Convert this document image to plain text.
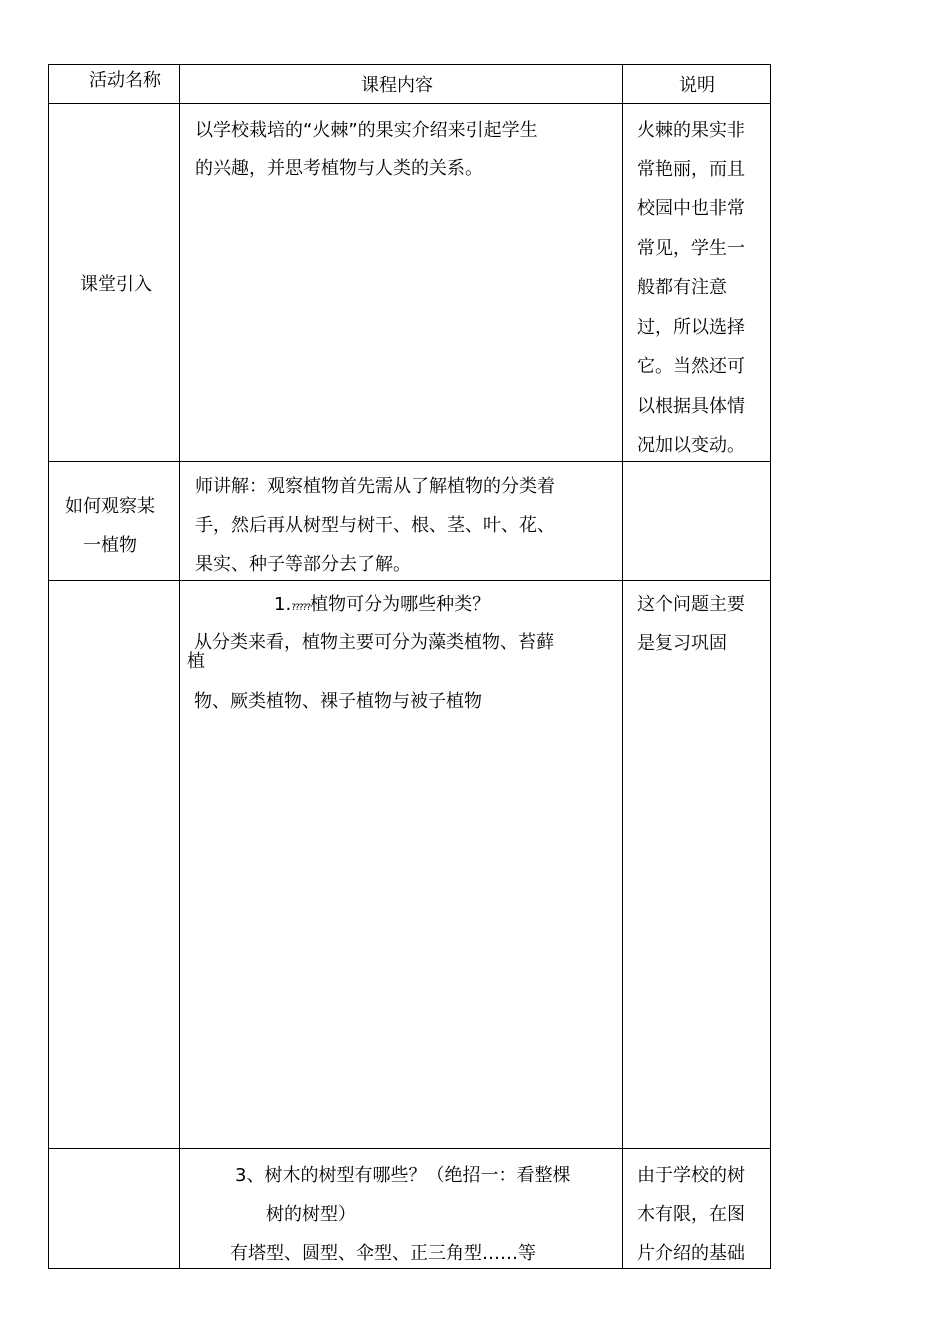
活动名称	课程内容	说明
课堂引入
以学校栽培的“火棘”的果实介绍来引起学生
的兴趣，并思考植物与人类的关系。
火棘的果实非
常艳丽，而且
校园中也非常
常见，学生一
般都有注意
过，所以选择
它。当然还可
以根据具体情
况加以变动。
如何观察某
一植物
师讲解：观察植物首先需从了解植物的分类着
手，然后再从树型与树干、根、茎、叶、花、
果实、种子等部分去了解。
1.?????植物可分为哪些种类？
从分类来看，植物主要可分为藻类植物、苔藓
植
物、厥类植物、裸子植物与被子植物
这个问题主要
是复习巩固
3、树木的树型有哪些？（绝招一：看整棵
树的树型）
有塔型、圆型、伞型、正三角型……等
由于学校的树
木有限，在图
片介绍的基础
